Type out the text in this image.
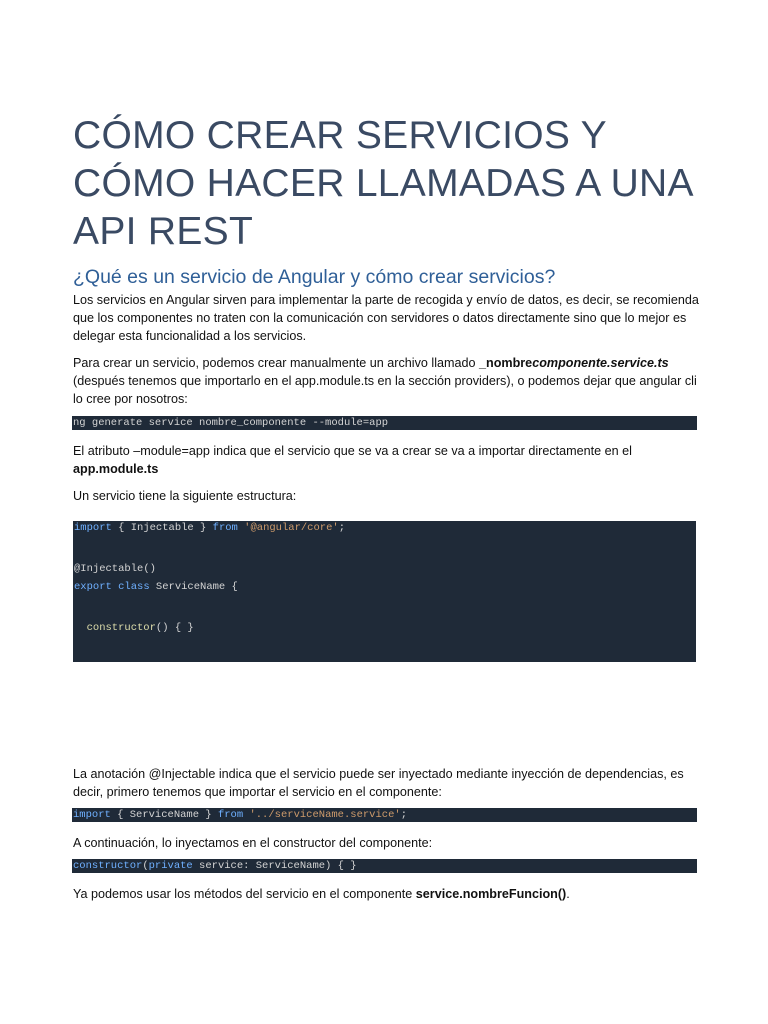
CÓMO CREAR SERVICIOS Y CÓMO HACER LLAMADAS A UNA API REST
¿Qué es un servicio de Angular y cómo crear servicios?

Los servicios en Angular sirven para implementar la parte de recogida y envío de datos, es decir, se recomienda que los componentes no traten con la comunicación con servidores o datos directamente sino que lo mejor es delegar esta funcionalidad a los servicios.

Para crear un servicio, podemos crear manualmente un archivo llamado _nombrecomponente.service.ts (después tenemos que importarlo en el app.module.ts en la sección providers), o podemos dejar que angular cli lo cree por nosotros:

ng generate service nombre_componente --module=app

El atributo –module=app indica que el servicio que se va a crear se va a importar directamente en el app.module.ts

Un servicio tiene la siguiente estructura:

import { Injectable } from '@angular/core';
@Injectable()
export class ServiceName {
constructor() { }

La anotación @Injectable indica que el servicio puede ser inyectado mediante inyección de dependencias, es decir, primero tenemos que importar el servicio en el componente:

import { ServiceName } from '../serviceName.service';

A continuación, lo inyectamos en el constructor del componente:

constructor(private service: ServiceName) { }

Ya podemos usar los métodos del servicio en el componente service.nombreFuncion().
